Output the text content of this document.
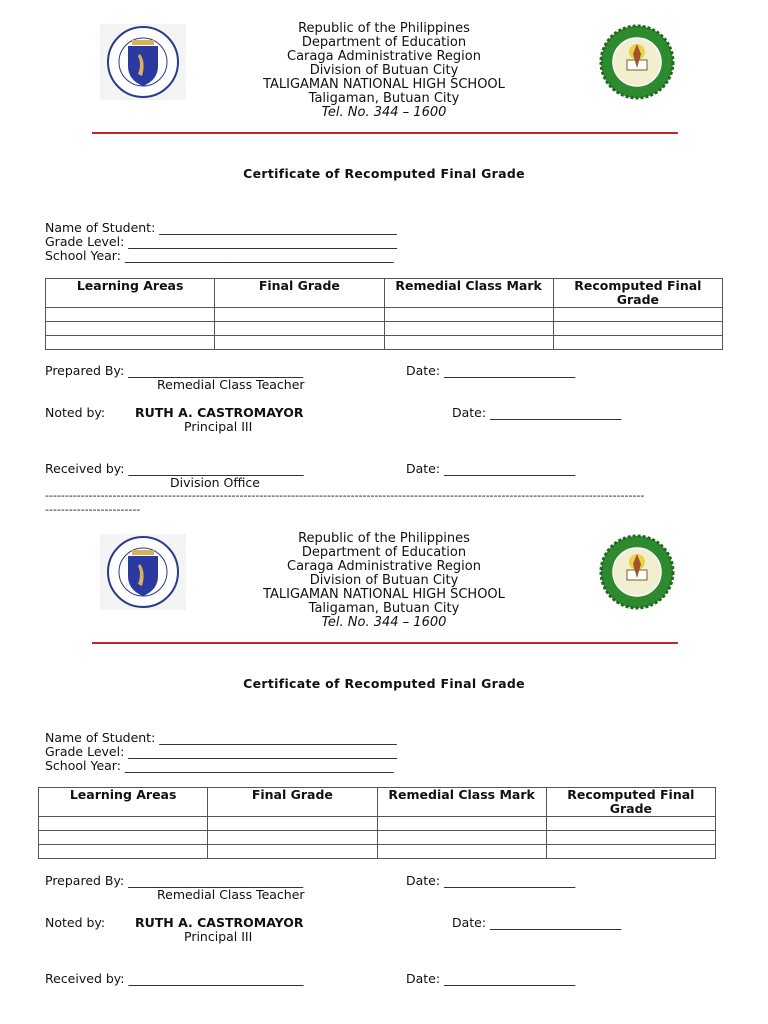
Republic of the Philippines
Department of Education
Caraga Administrative Region
Division of Butuan City
TALIGAMAN NATIONAL HIGH SCHOOL
Taligaman, Butuan City
Tel. No. 344 – 1600
Certificate of Recomputed Final Grade
Name of Student: ______________________________________
Grade Level: ___________________________________________
School Year: ___________________________________________
Learning Areas	Final Grade	Remedial Class Mark	Recomputed Final Grade

Prepared By: ____________________________
Remedial Class Teacher
Date: _____________________
Noted by: RUTH A. CASTROMAYOR
Principal III
Date: _____________________
Received by: ____________________________
Division Office
Date: _____________________
-------------------------------------------------------------------------------------------------------------------------------------------------------
------------------------
Republic of the Philippines
Department of Education
Caraga Administrative Region
Division of Butuan City
TALIGAMAN NATIONAL HIGH SCHOOL
Taligaman, Butuan City
Tel. No. 344 – 1600
Certificate of Recomputed Final Grade
Name of Student: ______________________________________
Grade Level: ___________________________________________
School Year: ___________________________________________
Learning Areas	Final Grade	Remedial Class Mark	Recomputed Final Grade

Prepared By: ____________________________
Remedial Class Teacher
Date: _____________________
Noted by: RUTH A. CASTROMAYOR
Principal III
Date: _____________________
Received by: ____________________________	Date: _____________________
